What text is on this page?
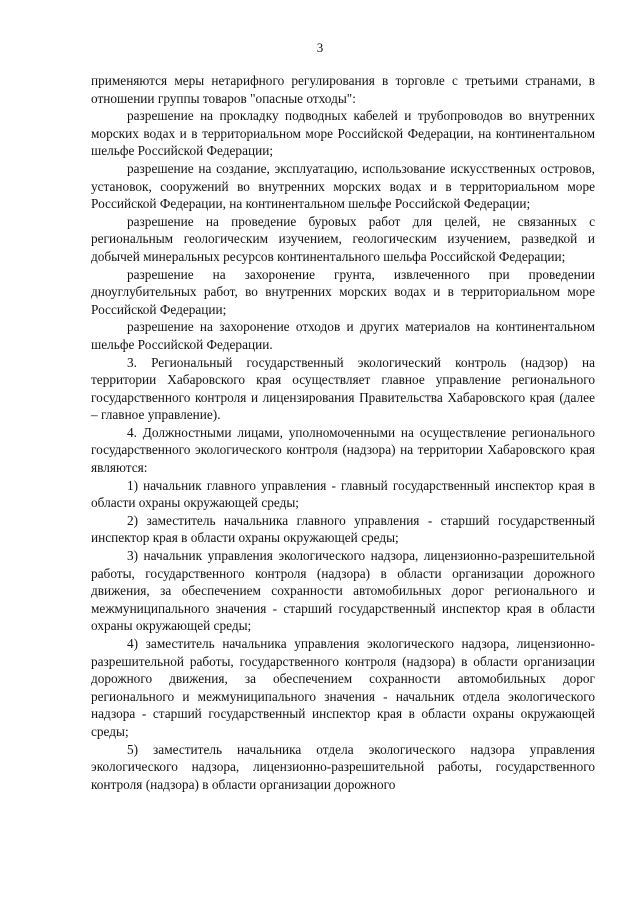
3

применяются меры нетарифного регулирования в торговле с третьими странами, в отношении группы товаров "опасные отходы":

разрешение на прокладку подводных кабелей и трубопроводов во внутренних морских водах и в территориальном море Российской Федерации, на континентальном шельфе Российской Федерации;

разрешение на создание, эксплуатацию, использование искусственных островов, установок, сооружений во внутренних морских водах и в территориальном море Российской Федерации, на континентальном шельфе Российской Федерации;

разрешение на проведение буровых работ для целей, не связанных с региональным геологическим изучением, геологическим изучением, разведкой и добычей минеральных ресурсов континентального шельфа Российской Федерации;

разрешение на захоронение грунта, извлеченного при проведении дноуглубительных работ, во внутренних морских водах и в территориальном море Российской Федерации;

разрешение на захоронение отходов и других материалов на континентальном шельфе Российской Федерации.

3. Региональный государственный экологический контроль (надзор) на территории Хабаровского края осуществляет главное управление регионального государственного контроля и лицензирования Правительства Хабаровского края (далее – главное управление).

4. Должностными лицами, уполномоченными на осуществление регионального государственного экологического контроля (надзора) на территории Хабаровского края являются:

1) начальник главного управления - главный государственный инспектор края в области охраны окружающей среды;

2) заместитель начальника главного управления - старший государственный инспектор края в области охраны окружающей среды;

3) начальник управления экологического надзора, лицензионно-разрешительной работы, государственного контроля (надзора) в области организации дорожного движения, за обеспечением сохранности автомобильных дорог регионального и межмуниципального значения - старший государственный инспектор края в области охраны окружающей среды;

4) заместитель начальника управления экологического надзора, лицензионно-разрешительной работы, государственного контроля (надзора) в области организации дорожного движения, за обеспечением сохранности автомобильных дорог регионального и межмуниципального значения - начальник отдела экологического надзора - старший государственный инспектор края в области охраны окружающей среды;

5) заместитель начальника отдела экологического надзора управления экологического надзора, лицензионно-разрешительной работы, государственного контроля (надзора) в области организации дорожного
